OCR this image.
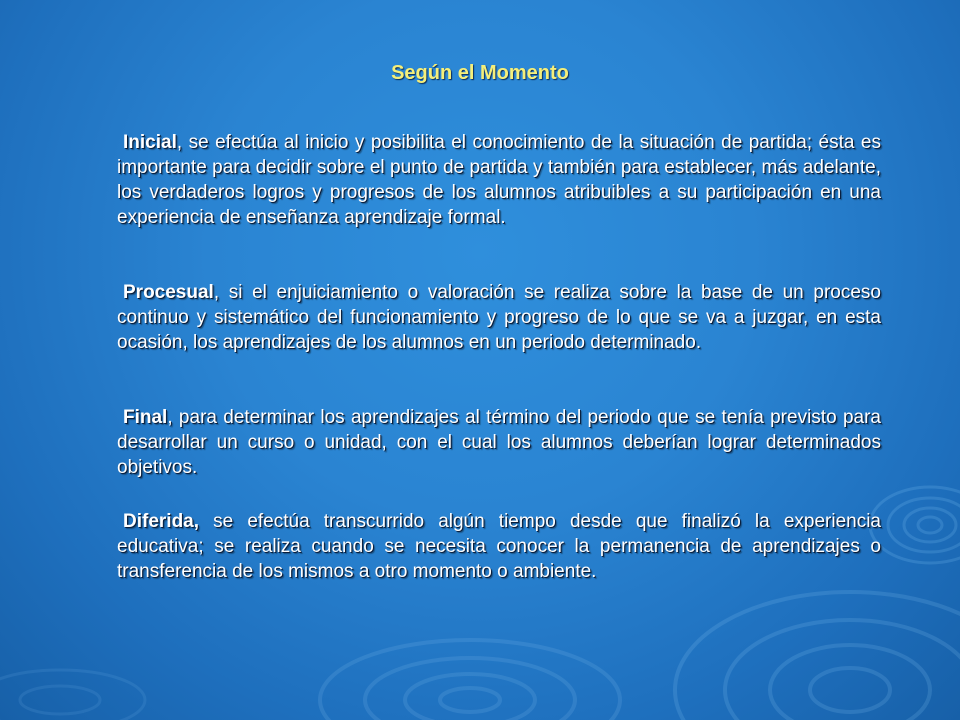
Según el Momento
Inicial, se efectúa al inicio y posibilita el conocimiento de la situación de partida; ésta es importante para decidir sobre el punto de partida y también para establecer, más adelante, los verdaderos logros y progresos de los alumnos atribuibles a su participación en una experiencia de enseñanza aprendizaje formal.
Procesual, si el enjuiciamiento o valoración se realiza sobre la base de un proceso continuo y sistemático del funcionamiento y progreso de lo que se va a juzgar, en esta ocasión, los aprendizajes de los alumnos en un periodo determinado.
Final, para determinar los aprendizajes al término del periodo que se tenía previsto para desarrollar un curso o unidad, con el cual los alumnos deberían lograr determinados objetivos.
Diferida, se efectúa transcurrido algún tiempo desde que finalizó la experiencia educativa; se realiza cuando se necesita conocer la permanencia de aprendizajes o transferencia de los mismos a otro momento o ambiente.
